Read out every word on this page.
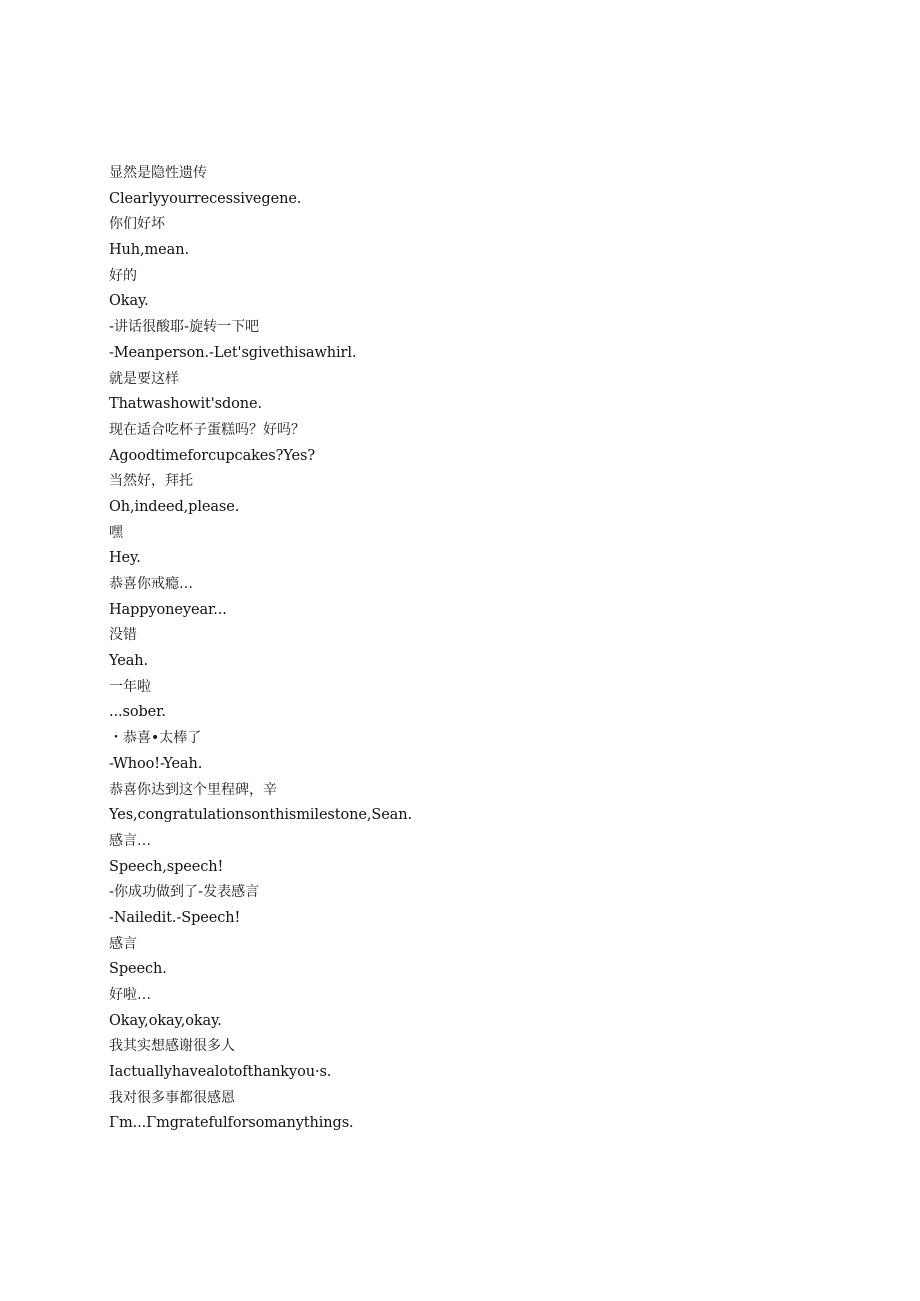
显然是隐性遗传
Clearlyyourrecessivegene.
你们好坏
Huh,mean.
好的
Okay.
-讲话很酸耶-旋转一下吧
-Meanperson.-Let'sgivethisawhirl.
就是要这样
Thatwashowit'sdone.
现在适合吃杯子蛋糕吗？好吗？
Agoodtimeforcupcakes?Yes?
当然好，拜托
Oh,indeed,please.
嘿
Hey.
恭喜你戒瘾…
Happyoneyear...
没错
Yeah.
一年啦
...sober.
・恭喜•太棒了
-Whoo!-Yeah.
恭喜你达到这个里程碑，辛
Yes,congratulationsonthismilestone,Sean.
感言…
Speech,speech!
-你成功做到了-发表感言
-Nailedit.-Speech!
感言
Speech.
好啦…
Okay,okay,okay.
我其实想感谢很多人
Iactuallyhavealotofthankyou·s.
我对很多事都很感恩
Γm...Γmgratefulforsomanythings.
